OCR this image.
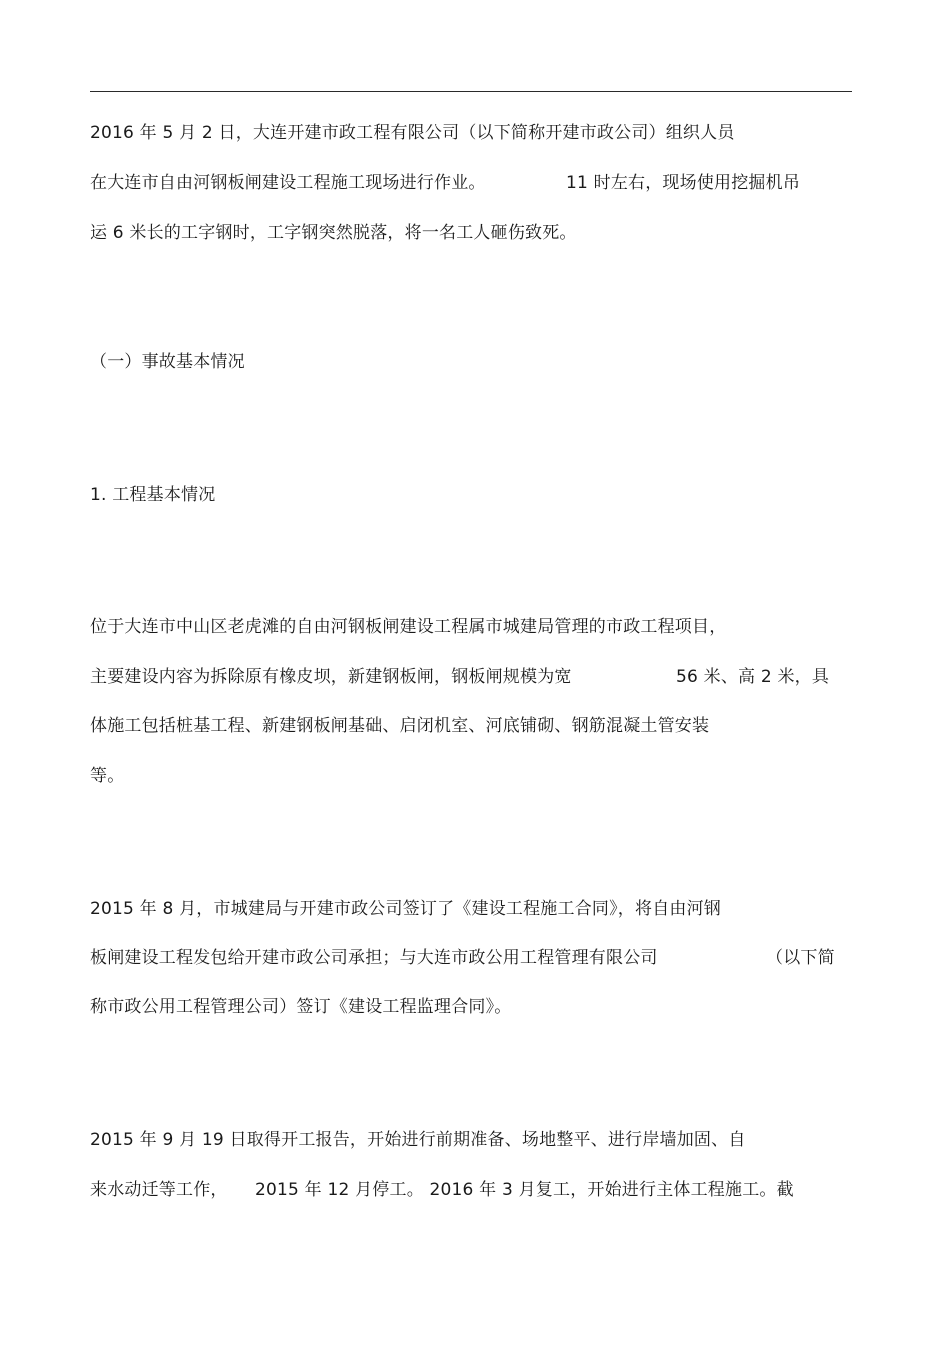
2016 年 5 月 2 日，大连开建市政工程有限公司（以下简称开建市政公司）组织人员

在大连市自由河钢板闸建设工程施工现场进行作业。

	11 时左右，现场使用挖掘机吊

运 6 米长的工字钢时，工字钢突然脱落，将一名工人砸伤致死。

（一）事故基本情况

1. 工程基本情况

位于大连市中山区老虎滩的自由河钢板闸建设工程属市城建局管理的市政工程项目，

主要建设内容为拆除原有橡皮坝，新建钢板闸，钢板闸规模为宽

	56 米、高 2 米，具

体施工包括桩基工程、新建钢板闸基础、启闭机室、河底铺砌、钢筋混凝土管安装

等。

2015 年 8 月，市城建局与开建市政公司签订了《建设工程施工合同》，将自由河钢

板闸建设工程发包给开建市政公司承担；与大连市政公用工程管理有限公司

	（以下简

称市政公用工程管理公司）签订《建设工程监理合同》。

2015 年 9 月 19 日取得开工报告，开始进行前期准备、场地整平、进行岸墙加固、自

来水动迁等工作，

2015 年 12 月停工。 2016 年 3 月复工，开始进行主体工程施工。截
